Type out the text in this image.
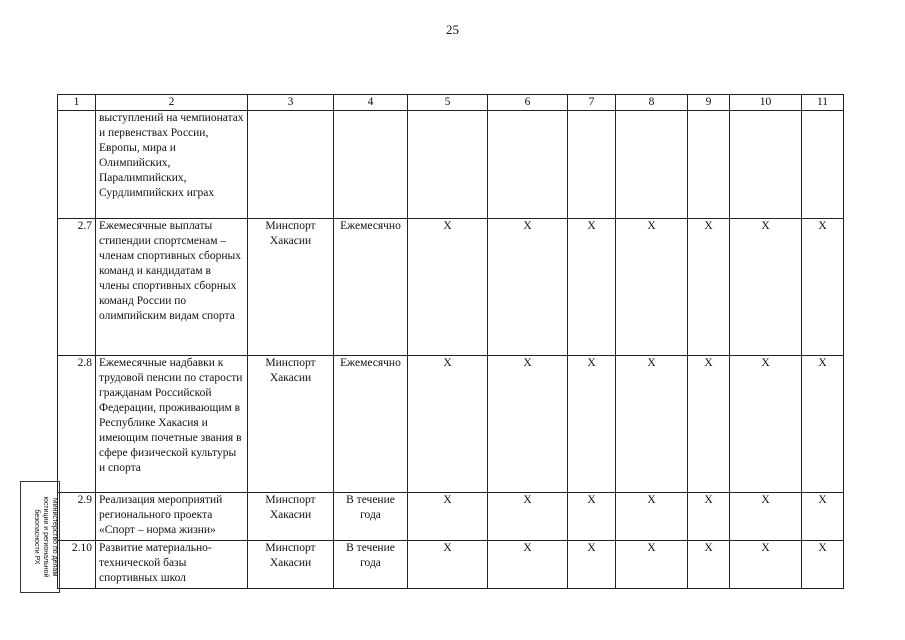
25
1	2	3	4	5	6	7	8	9	10	11
	выступлений на чемпионатах и первенствах России, Европы, мира и Олимпийских, Паралимпийских, Сурдлимпийских играх									
2.7	Ежемесячные выплаты стипендии спортсменам – членам спортивных сборных команд и кандидатам в члены спортивных сборных команд России по олимпийским видам спорта	Минспорт Хакасии	Ежемесячно	X	X	X	X	X	X	X
2.8	Ежемесячные надбавки к трудовой пенсии по старости гражданам Российской Федерации, проживающим в Республике Хакасия и имеющим почетные звания в сфере физической культуры и спорта	Минспорт Хакасии	Ежемесячно	X	X	X	X	X	X	X
2.9	Реализация мероприятий регионального проекта «Спорт – норма жизни»	Минспорт Хакасии	В течение года	X	X	X	X	X	X	X
2.10	Развитие материально-технической базы спортивных школ	Минспорт Хакасии	В течение года	X	X	X	X	X	X	X
Министерство по делам
юстиции и региональной
безопасности РХ
